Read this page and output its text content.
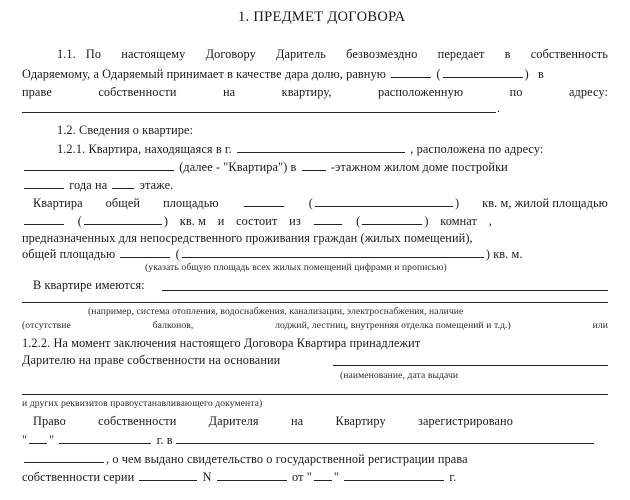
1. ПРЕДМЕТ ДОГОВОРА
1.1. По настоящему Договору Даритель безвозмездно передает в собственность
Одаряемому, а Одаряемый принимает в качестве дара долю, равную	(	) в
праве	собственности	на	квартиру,	расположенную	по	адресу:
.
1.2. Сведения о квартире:
1.2.1. Квартира, находящаяся в г.	, расположена по адресу:
(далее - "Квартира") в	-этажном жилом доме постройки
года на	этаже.
Квартира общей площадью	(	) кв. м, жилой площадью
(	) кв. м и состоит из	(	) комнат ,
предназначенных для непосредственного проживания граждан (жилых помещений),
общей площадью	(	) кв. м.
(указать общую площадь всех жилых помещений цифрами и прописью)
В квартире имеются:
(например, система отопления, водоснабжения, канализации, электроснабжения, наличие
(отсутствие	балконов,	лоджий, лестниц, внутренняя отделка помещений и т.д.)	или
1.2.2. На момент заключения настоящего Договора Квартира принадлежит
Дарителю на праве собственности на основании
(наименование, дата выдачи
и других реквизитов правоустанавливающего документа)
Право	собственности	Дарителя	на	Квартиру	зарегистрировано
" "	г. в
, о чем выдано свидетельство о государственной регистрации права
собственности серии	N	от " "	г.
